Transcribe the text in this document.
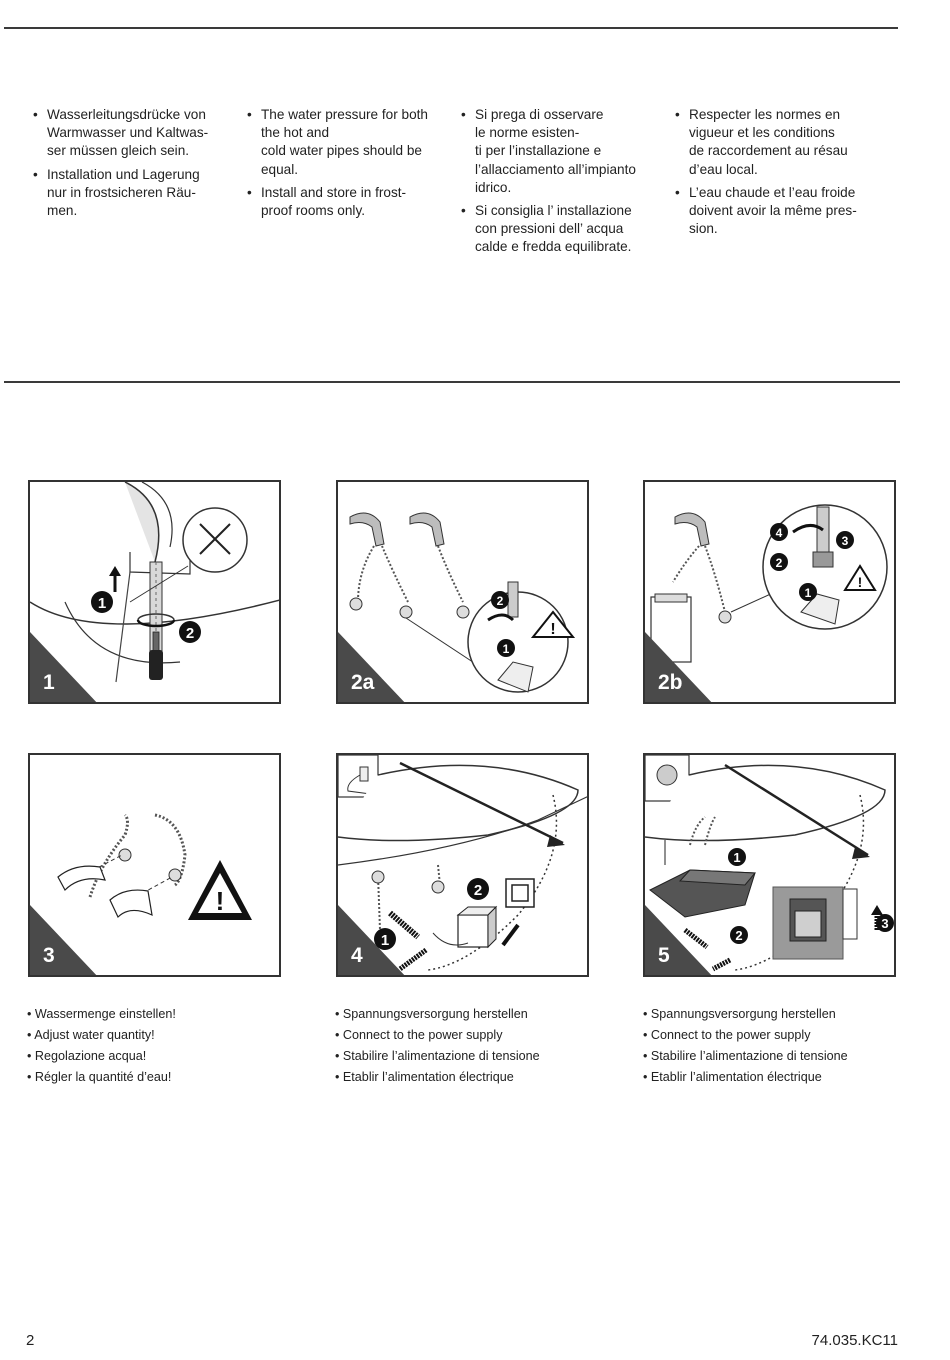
• Wasserleitungsdrücke von
Warmwasser und Kaltwas-
ser müssen gleich sein.
• Installation und Lagerung
nur in frostsicheren Räu-
men.
• The water pressure for both
the hot and
cold water pipes should be
equal.
• Install and store in frost-
proof rooms only.
• Si prega di osservare
le norme esisten-
ti per l’installazione e
l’allacciamento all’impianto
idrico.
• Si consiglia l’ installazione
con pressioni dell’ acqua
calde e fredda equilibrate.
• Respecter les normes en
vigueur et les conditions
de raccordement au résau
d’eau local.
• L’eau chaude et l’eau froide
doivent avoir la même pres-
sion.
1
2
1
!
2
1
2a
!
4
3
2
1
2b
!
3
2
1
4
1
2
3
5
• Wassermenge einstellen!
• Adjust water quantity!
• Regolazione acqua!
• Régler la quantité d’eau!
• Spannungsversorgung herstellen
• Connect to the power supply
• Stabilire l’alimentazione di tensione
• Etablir l’alimentation électrique
• Spannungsversorgung herstellen
• Connect to the power supply
• Stabilire l’alimentazione di tensione
• Etablir l’alimentation électrique
2	74.035.KC11
